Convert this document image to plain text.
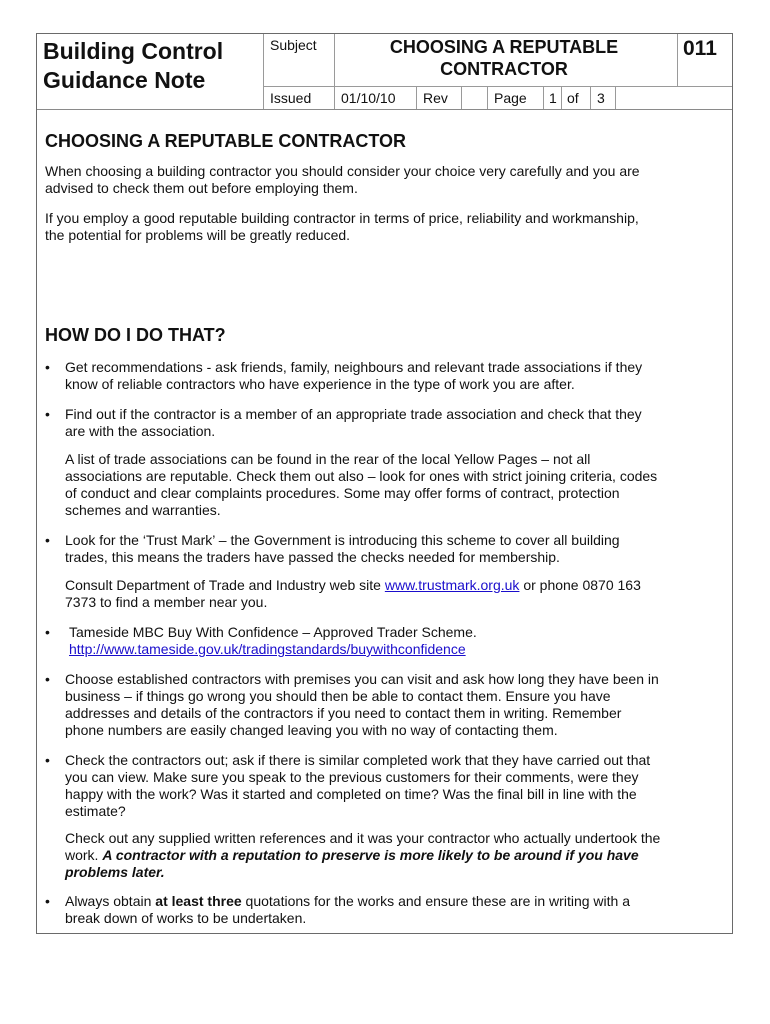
Building Control
Guidance Note
Subject	CHOOSING A REPUTABLE
CONTRACTOR
011
Issued 01/10/10 Rev	Page 1 of 3
CHOOSING A REPUTABLE CONTRACTOR

When choosing a building contractor you should consider your choice very carefully and you are
advised to check them out before employing them.

If you employ a good reputable building contractor in terms of price, reliability and workmanship,
the potential for problems will be greatly reduced.

HOW DO I DO THAT?
•	Get recommendations - ask friends, family, neighbours and relevant trade associations if they
know of reliable contractors who have experience in the type of work you are after.
•	Find out if the contractor is a member of an appropriate trade association and check that they
are with the association.
A list of trade associations can be found in the rear of the local Yellow Pages – not all
associations are reputable. Check them out also – look for ones with strict joining criteria, codes
of conduct and clear complaints procedures. Some may offer forms of contract, protection
schemes and warranties.
•	Look for the ‘Trust Mark’ – the Government is introducing this scheme to cover all building
trades, this means the traders have passed the checks needed for membership.
Consult Department of Trade and Industry web site www.trustmark.org.uk or phone 0870 163
7373 to find a member near you.
•	Tameside MBC Buy With Confidence – Approved Trader Scheme.
http://www.tameside.gov.uk/tradingstandards/buywithconfidence
•	Choose established contractors with premises you can visit and ask how long they have been in
business – if things go wrong you should then be able to contact them. Ensure you have
addresses and details of the contractors if you need to contact them in writing. Remember
phone numbers are easily changed leaving you with no way of contacting them.
•	Check the contractors out; ask if there is similar completed work that they have carried out that
you can view. Make sure you speak to the previous customers for their comments, were they
happy with the work? Was it started and completed on time? Was the final bill in line with the
estimate?
Check out any supplied written references and it was your contractor who actually undertook the
work. A contractor with a reputation to preserve is more likely to be around if you have
problems later.
•	Always obtain at least three quotations for the works and ensure these are in writing with a
break down of works to be undertaken.
